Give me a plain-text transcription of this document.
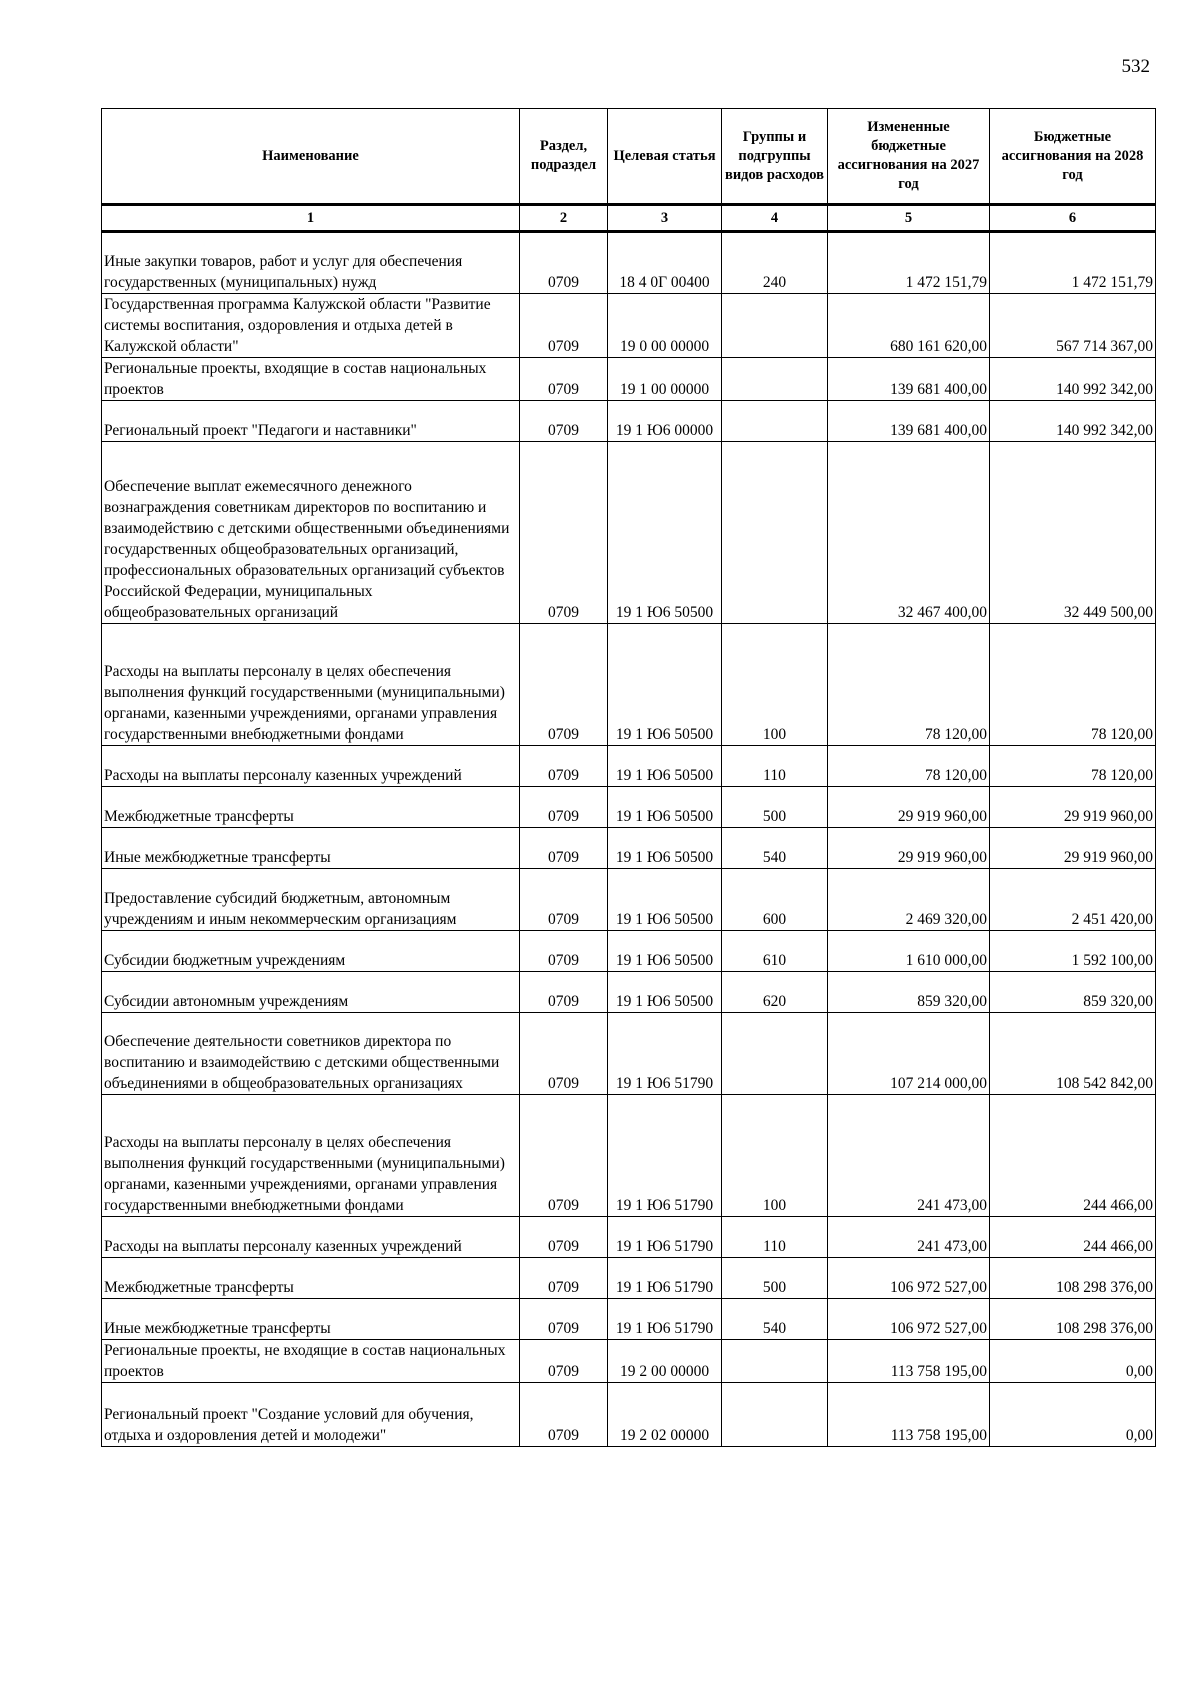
532
Наименование	Раздел, подраздел	Целевая статья	Группы и подгруппы видов расходов	Измененные бюджетные ассигнования на 2027 год	Бюджетные ассигнования на 2028 год
1	2	3	4	5	6
Иные закупки товаров, работ и услуг для обеспечения государственных (муниципальных) нужд	0709	18 4 0Г 00400	240	1 472 151,79	1 472 151,79
Государственная программа Калужской области "Развитие системы воспитания, оздоровления и отдыха детей в Калужской области"	0709	19 0 00 00000		680 161 620,00	567 714 367,00
Региональные проекты, входящие в состав национальных проектов	0709	19 1 00 00000		139 681 400,00	140 992 342,00
Региональный проект "Педагоги и наставники"	0709	19 1 Ю6 00000		139 681 400,00	140 992 342,00
Обеспечение выплат ежемесячного денежного вознаграждения советникам директоров по воспитанию и взаимодействию с детскими общественными объединениями государственных общеобразовательных организаций, профессиональных образовательных организаций субъектов Российской Федерации, муниципальных общеобразовательных организаций	0709	19 1 Ю6 50500		32 467 400,00	32 449 500,00
Расходы на выплаты персоналу в целях обеспечения выполнения функций государственными (муниципальными) органами, казенными учреждениями, органами управления государственными внебюджетными фондами	0709	19 1 Ю6 50500	100	78 120,00	78 120,00
Расходы на выплаты персоналу казенных учреждений	0709	19 1 Ю6 50500	110	78 120,00	78 120,00
Межбюджетные трансферты	0709	19 1 Ю6 50500	500	29 919 960,00	29 919 960,00
Иные межбюджетные трансферты	0709	19 1 Ю6 50500	540	29 919 960,00	29 919 960,00
Предоставление субсидий бюджетным, автономным учреждениям и иным некоммерческим организациям	0709	19 1 Ю6 50500	600	2 469 320,00	2 451 420,00
Субсидии бюджетным учреждениям	0709	19 1 Ю6 50500	610	1 610 000,00	1 592 100,00
Субсидии автономным учреждениям	0709	19 1 Ю6 50500	620	859 320,00	859 320,00
Обеспечение деятельности советников директора по воспитанию и взаимодействию с детскими общественными объединениями в общеобразовательных организациях	0709	19 1 Ю6 51790		107 214 000,00	108 542 842,00
Расходы на выплаты персоналу в целях обеспечения выполнения функций государственными (муниципальными) органами, казенными учреждениями, органами управления государственными внебюджетными фондами	0709	19 1 Ю6 51790	100	241 473,00	244 466,00
Расходы на выплаты персоналу казенных учреждений	0709	19 1 Ю6 51790	110	241 473,00	244 466,00
Межбюджетные трансферты	0709	19 1 Ю6 51790	500	106 972 527,00	108 298 376,00
Иные межбюджетные трансферты	0709	19 1 Ю6 51790	540	106 972 527,00	108 298 376,00
Региональные проекты, не входящие в состав национальных проектов	0709	19 2 00 00000		113 758 195,00	0,00
Региональный проект "Создание условий для обучения, отдыха и оздоровления детей и молодежи"	0709	19 2 02 00000		113 758 195,00	0,00
